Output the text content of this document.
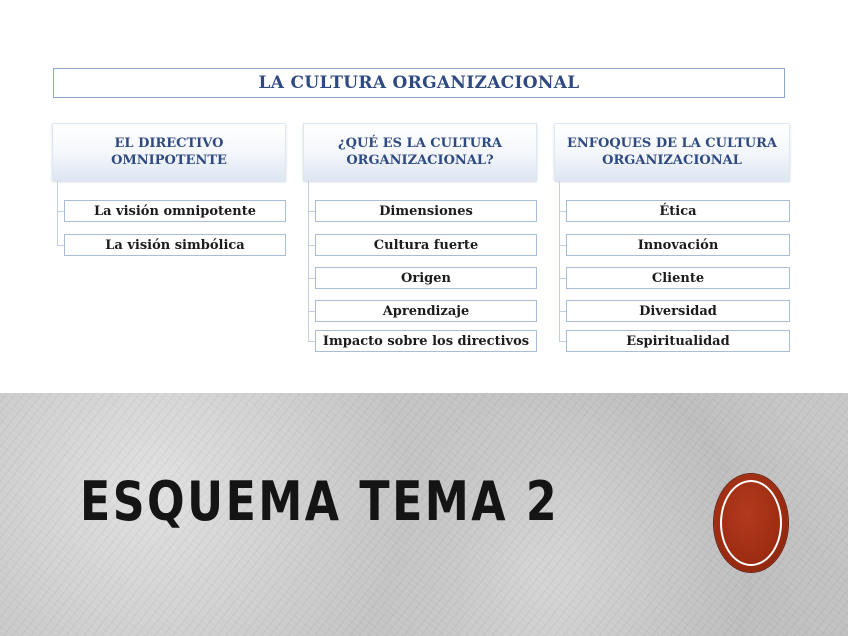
LA CULTURA ORGANIZACIONAL
EL DIRECTIVO
OMNIPOTENTE
La visión omnipotente
La visión simbólica
¿QUÉ ES LA CULTURA
ORGANIZACIONAL?
Dimensiones
Cultura fuerte
Origen
Aprendizaje
Impacto sobre los directivos
ENFOQUES DE LA CULTURA
ORGANIZACIONAL
Ética
Innovación
Cliente
Diversidad
Espiritualidad
ESQUEMA TEMA 2
